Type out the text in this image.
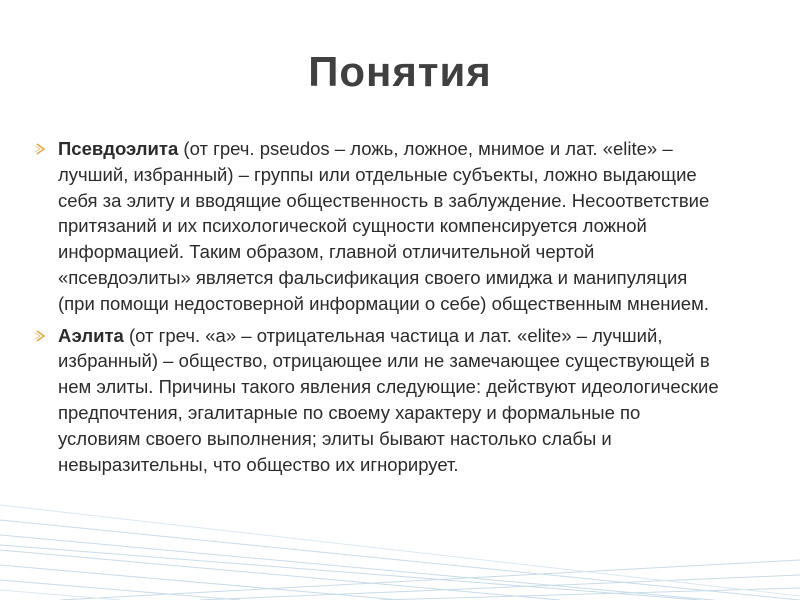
Понятия
Псевдоэлита (от греч. pseudos – ложь, ложное, мнимое и лат. «elite» – лучший, избранный) – группы или отдельные субъекты, ложно выдающие себя за элиту и вводящие общественность в заблуждение. Несоответствие притязаний и их психологической сущности компенсируется ложной информацией. Таким образом, главной отличительной чертой «псевдоэлиты» является фальсификация своего имиджа и манипуляция (при помощи недостоверной информации о себе) общественным мнением.
Аэлита (от греч. «а» – отрицательная частица и лат. «elite» – лучший, избранный) – общество, отрицающее или не замечающее существующей в нем элиты. Причины такого явления следующие: действуют идеологические предпочтения, эгалитарные по своему характеру и формальные по условиям своего выполнения; элиты бывают настолько слабы и невыразительны, что общество их игнорирует.
